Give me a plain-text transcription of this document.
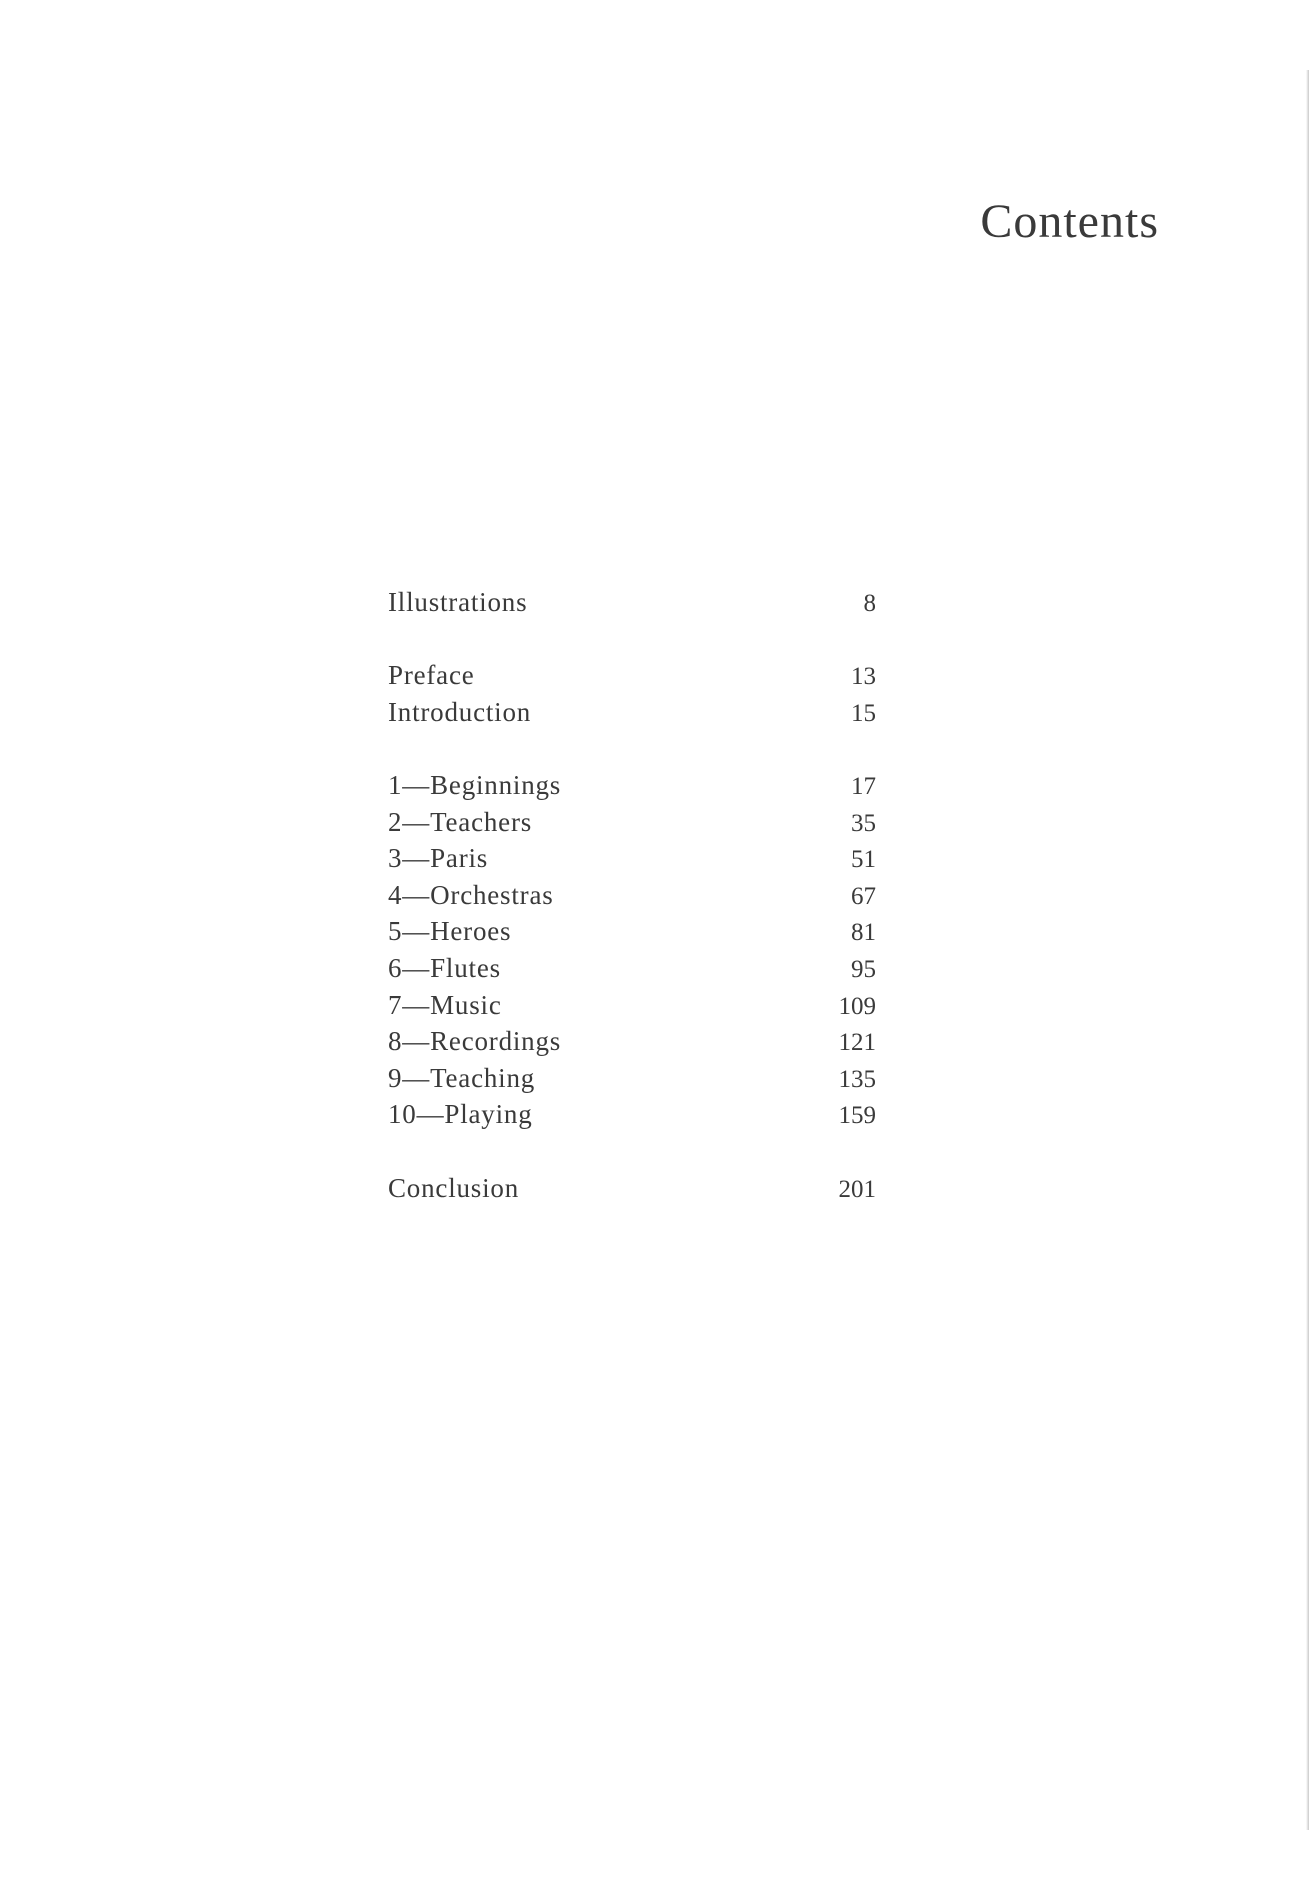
Contents
Illustrations	8
Preface	13
Introduction	15
1—Beginnings	17
2—Teachers	35
3—Paris	51
4—Orchestras	67
5—Heroes	81
6—Flutes	95
7—Music	109
8—Recordings	121
9—Teaching	135
10—Playing	159
Conclusion	201
